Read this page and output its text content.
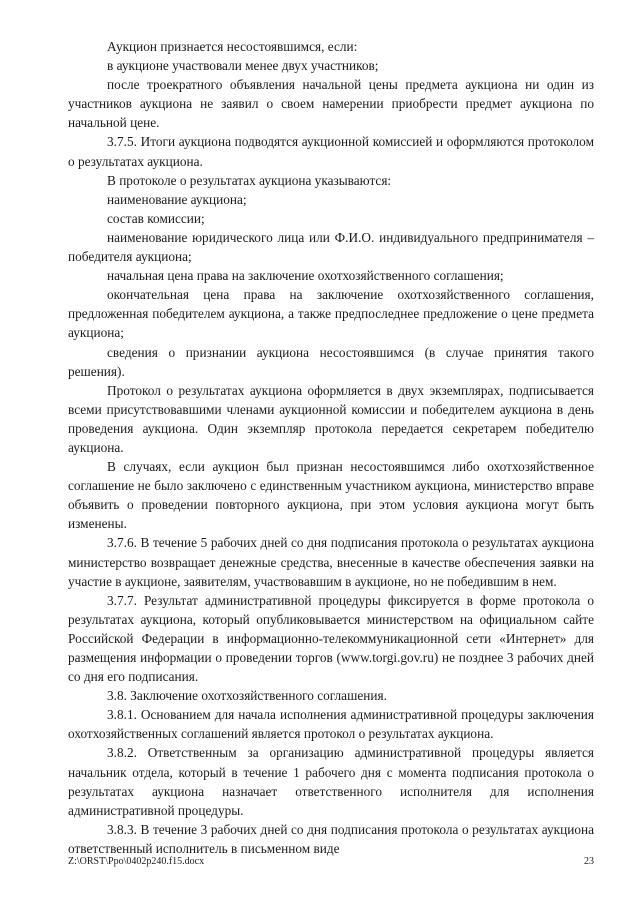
Аукцион признается несостоявшимся, если:

в аукционе участвовали менее двух участников;

после троекратного объявления начальной цены предмета аукциона ни один из участников аукциона не заявил о своем намерении приобрести предмет аукциона по начальной цене.

3.7.5. Итоги аукциона подводятся аукционной комиссией и оформляются протоколом о результатах аукциона.

В протоколе о результатах аукциона указываются:

наименование аукциона;

состав комиссии;

наименование юридического лица или Ф.И.О. индивидуального предпринимателя – победителя аукциона;

начальная цена права на заключение охотхозяйственного соглашения;

окончательная цена права на заключение охотхозяйственного соглашения, предложенная победителем аукциона, а также предпоследнее предложение о цене предмета аукциона;

сведения о признании аукциона несостоявшимся (в случае принятия такого решения).

Протокол о результатах аукциона оформляется в двух экземплярах, подписывается всеми присутствовавшими членами аукционной комиссии и победителем аукциона в день проведения аукциона. Один экземпляр протокола передается секретарем победителю аукциона.

В случаях, если аукцион был признан несостоявшимся либо охотхозяйственное соглашение не было заключено с единственным участником аукциона, министерство вправе объявить о проведении повторного аукциона, при этом условия аукциона могут быть изменены.

3.7.6. В течение 5 рабочих дней со дня подписания протокола о результатах аукциона министерство возвращает денежные средства, внесенные в качестве обеспечения заявки на участие в аукционе, заявителям, участвовавшим в аукционе, но не победившим в нем.

3.7.7. Результат административной процедуры фиксируется в форме протокола о результатах аукциона, который опубликовывается министерством на официальном сайте Российской Федерации в информационно-телекоммуникационной сети «Интернет» для размещения информации о проведении торгов (www.torgi.gov.ru) не позднее 3 рабочих дней со дня его подписания.

3.8. Заключение охотхозяйственного соглашения.

3.8.1. Основанием для начала исполнения административной процедуры заключения охотхозяйственных соглашений является протокол о результатах аукциона.

3.8.2. Ответственным за организацию административной процедуры является начальник отдела, который в течение 1 рабочего дня с момента подписания протокола о результатах аукциона назначает ответственного исполнителя для исполнения административной процедуры.

3.8.3. В течение 3 рабочих дней со дня подписания протокола о результатах аукциона ответственный исполнитель в письменном виде

Z:\ORST\Ppo\0402p240.f15.docx	23
